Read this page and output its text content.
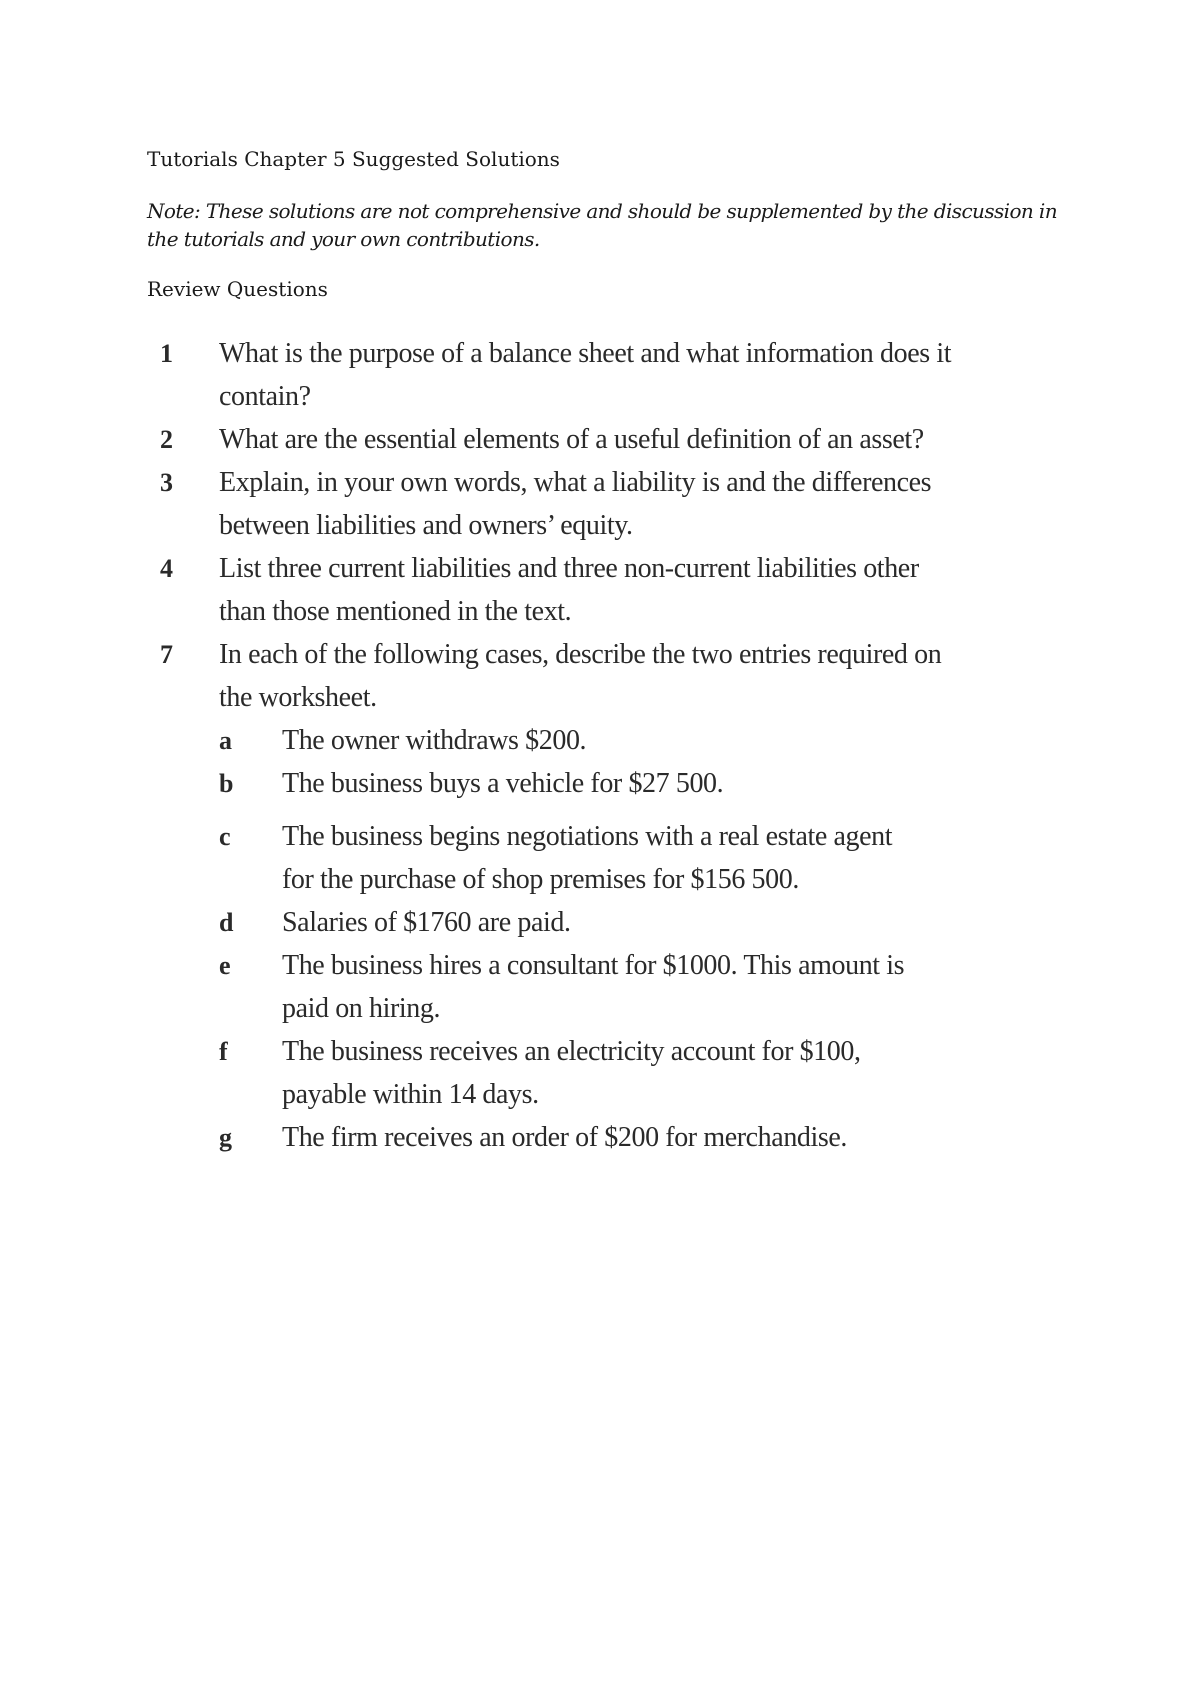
Tutorials Chapter 5 Suggested Solutions

Note: These solutions are not comprehensive and should be supplemented by the discussion in the tutorials and your own contributions.

Review Questions
1	What is the purpose of a balance sheet and what information does it contain?
2	What are the essential elements of a useful definition of an asset?
3	Explain, in your own words, what a liability is and the differences between liabilities and owners’ equity.
4	List three current liabilities and three non-current liabilities other than those mentioned in the text.
7	In each of the following cases, describe the two entries required on the worksheet.
a	The owner withdraws $200.
b	The business buys a vehicle for $27 500.
c	The business begins negotiations with a real estate agent for the purchase of shop premises for $156 500.
d	Salaries of $1760 are paid.
e	The business hires a consultant for $1000. This amount is paid on hiring.
f	The business receives an electricity account for $100, payable within 14 days.
g	The firm receives an order of $200 for merchandise.
